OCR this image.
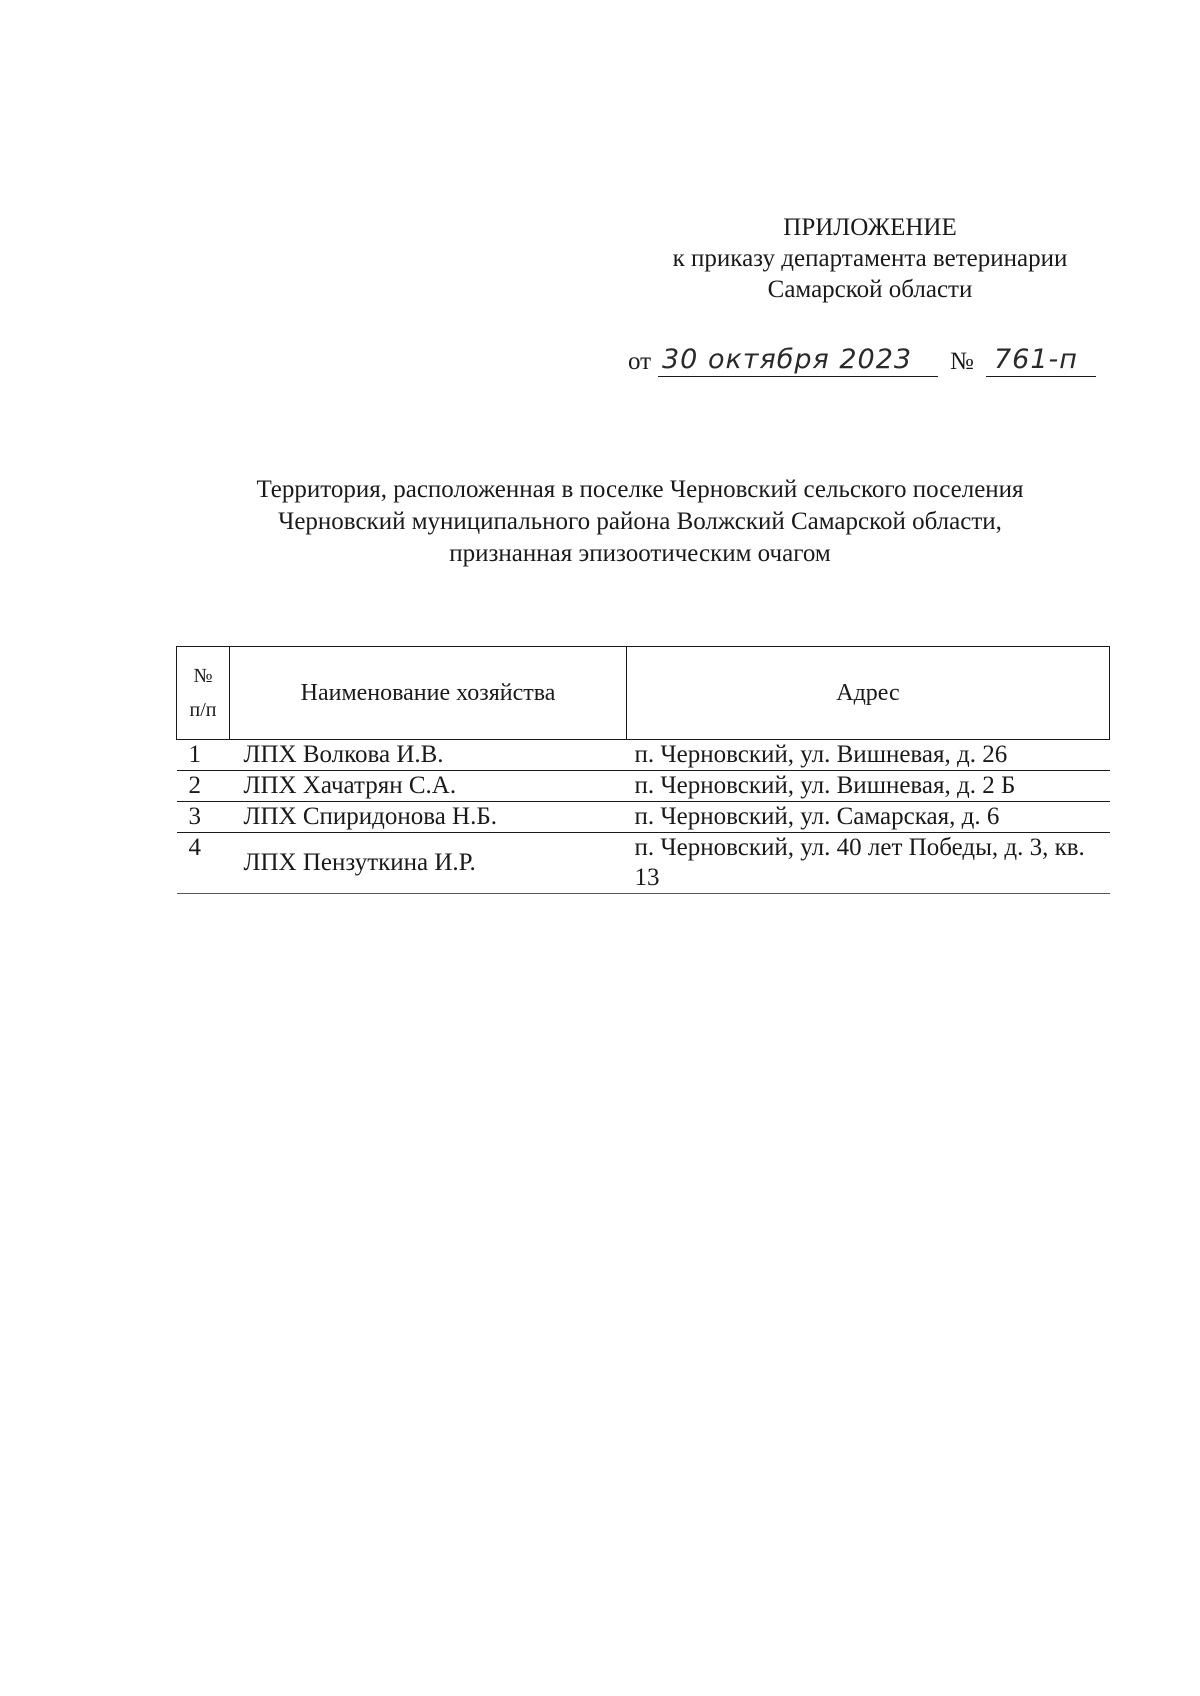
ПРИЛОЖЕНИЕ
к приказу департамента ветеринарии
Самарской области
от 30 октября 2023 № 761-п
Территория, расположенная в поселке Черновский сельского поселения
Черновский муниципального района Волжский Самарской области,
признанная эпизоотическим очагом
№
п/п	Наименование хозяйства	Адрес
1	ЛПХ Волкова И.В.	п. Черновский, ул. Вишневая, д. 26
2	ЛПХ Хачатрян С.А.	п. Черновский, ул. Вишневая, д. 2 Б
3	ЛПХ Спиридонова Н.Б.	п. Черновский, ул. Самарская, д. 6
4	ЛПХ Пензуткина И.Р.	п. Черновский, ул. 40 лет Победы, д. 3, кв. 13
